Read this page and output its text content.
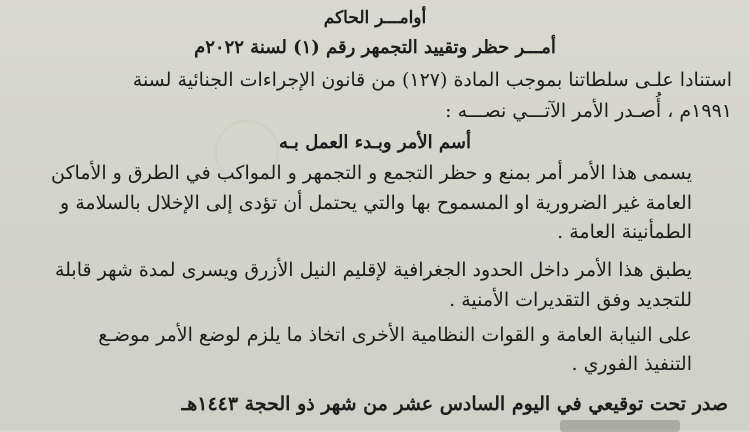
أوامـــر الحاكم
أمـــر حظر وتقييد التجمهر رقم (١) لسنة ٢٠٢٢م
استنادا علـى سلطاتنا بموجب المادة (١٢٧) من قانون الإجراءات الجنائية لسنة
١٩٩١م ، أُصـدر الأمر الآتـــي نصـــه :
أسم الأمر وبـدء العمل بـه
يسمى هذا الأمر أمر بمنع و حظر التجمع و التجمهر و المواكب في الطرق و الأماكن
العامة غير الضرورية او المسموح بها والتي يحتمل أن تؤدى إلى الإخلال بالسلامة و
الطمأنينة العامة .
يطبق هذا الأمر داخل الحدود الجغرافية لإقليم النيل الأزرق ويسرى لمدة شهر قابلة
للتجديد وفق التقديرات الأمنية .
على النيابة العامة و القوات النظامية الأخرى اتخاذ ما يلزم لوضع الأمر موضـع
التنفيذ الفوري .
صدر تحت توقيعي في اليوم السادس عشر من شهر ذو الحجة ١٤٤٣هـ
